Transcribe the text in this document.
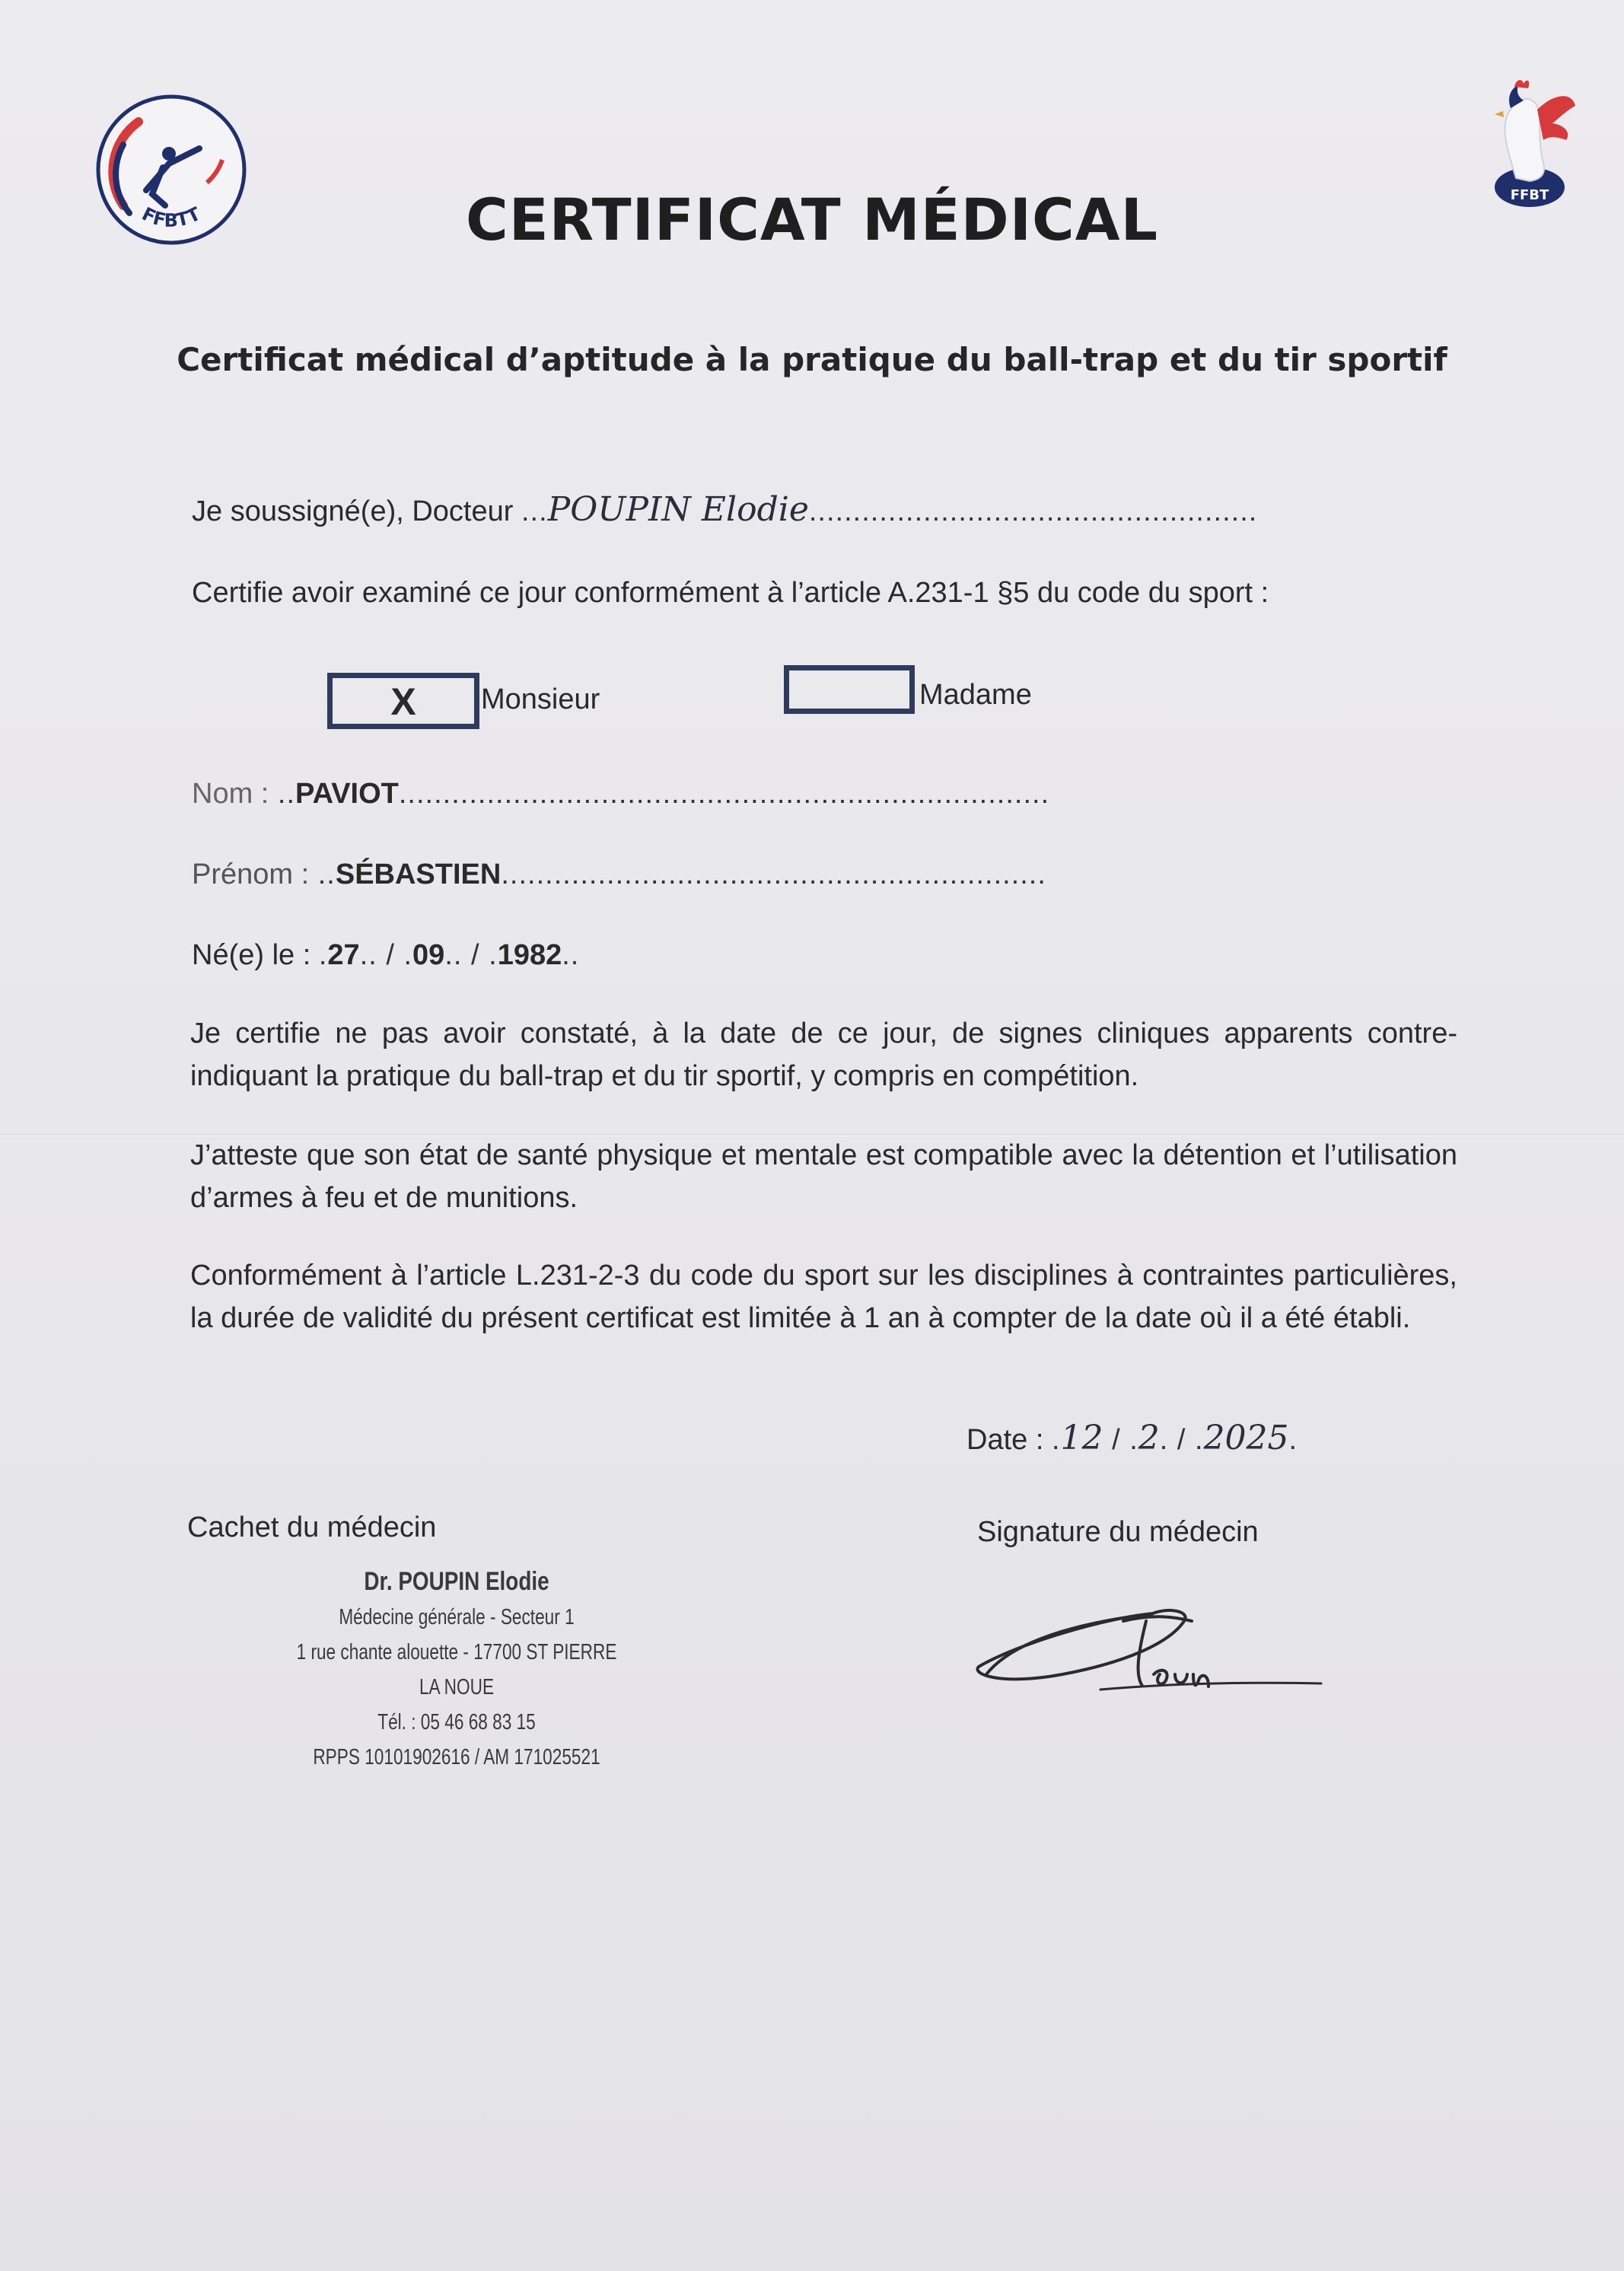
FFBTT
FFBT
CERTIFICAT MÉDICAL
Certificat médical d’aptitude à la pratique du ball-trap et du tir sportif
Je soussigné(e), Docteur ...POUPIN Elodie...................................................
Certifie avoir examiné ce jour conformément à l’article A.231-1 §5 du code du sport :
X	Monsieur	Madame
Nom : ..PAVIOT..........................................................................
Prénom : ..SÉBASTIEN..............................................................
Né(e) le : .27.. / .09.. / .1982..
Je certifie ne pas avoir constaté, à la date de ce jour, de signes cliniques apparents contre-indiquant la pratique du ball-trap et du tir sportif, y compris en compétition.
J’atteste que son état de santé physique et mentale est compatible avec la détention et l’utilisation d’armes à feu et de munitions.
Conformément à l’article L.231-2-3 du code du sport sur les disciplines à contraintes particulières, la durée de validité du présent certificat est limitée à 1 an à compter de la date où il a été établi.
Date : .12 / .2. / .2025.
Cachet du médecin
Dr. POUPIN Elodie
Médecine générale - Secteur 1
1 rue chante alouette - 17700 ST PIERRE LA NOUE
Tél. : 05 46 68 83 15
RPPS 10101902616 / AM 171025521
Signature du médecin
